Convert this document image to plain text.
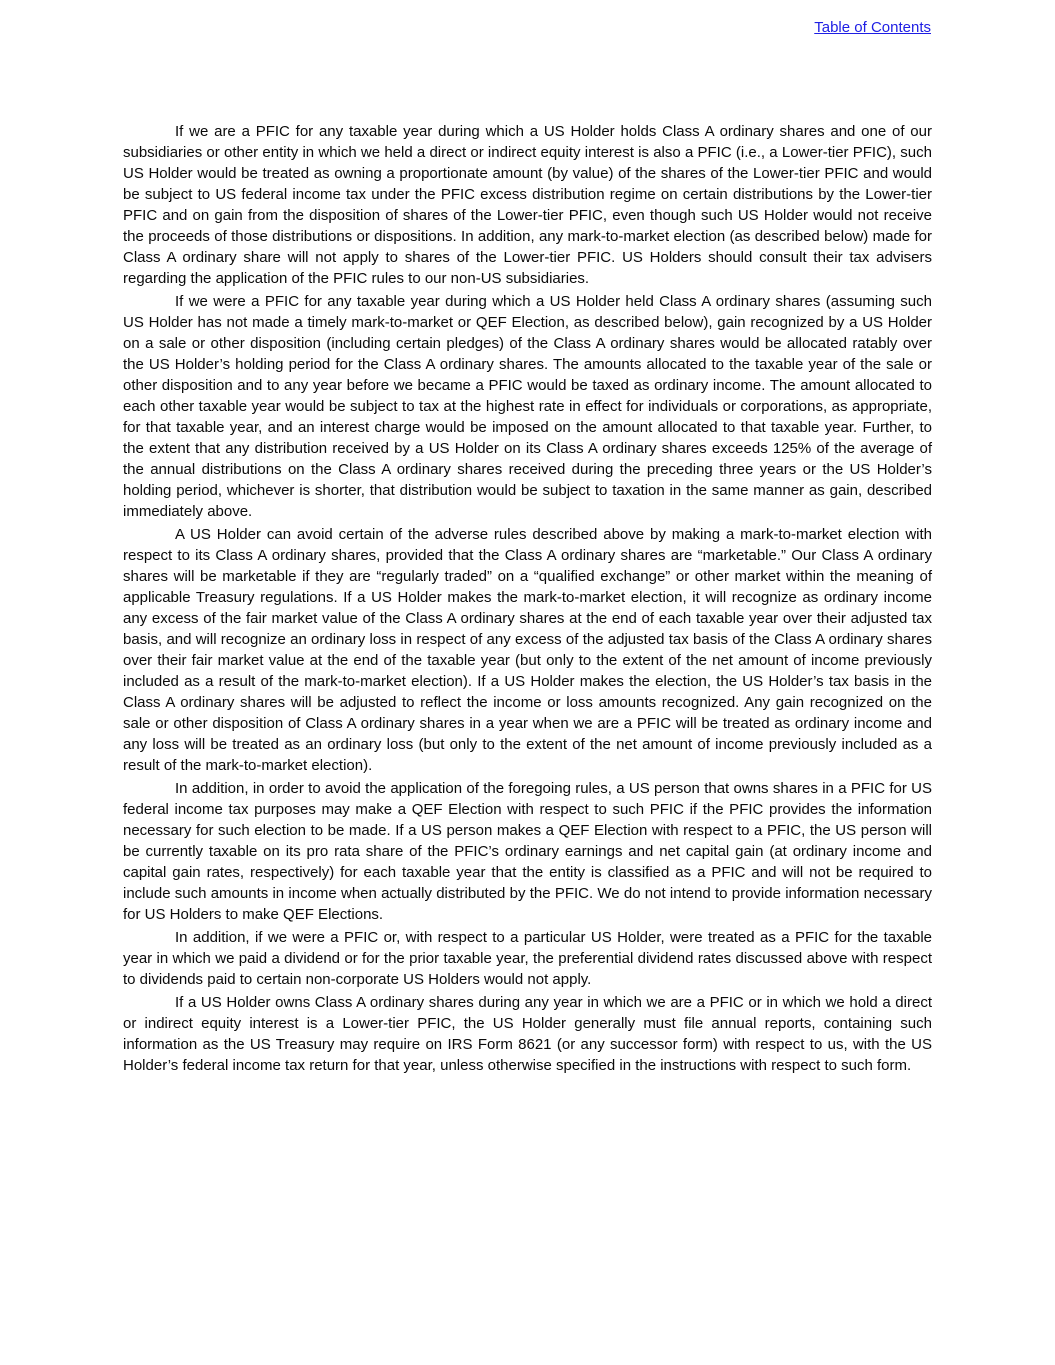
Table of Contents

If we are a PFIC for any taxable year during which a US Holder holds Class A ordinary shares and one of our subsidiaries or other entity in which we held a direct or indirect equity interest is also a PFIC (i.e., a Lower-tier PFIC), such US Holder would be treated as owning a proportionate amount (by value) of the shares of the Lower-tier PFIC and would be subject to US federal income tax under the PFIC excess distribution regime on certain distributions by the Lower-tier PFIC and on gain from the disposition of shares of the Lower-tier PFIC, even though such US Holder would not receive the proceeds of those distributions or dispositions. In addition, any mark-to-market election (as described below) made for Class A ordinary share will not apply to shares of the Lower-tier PFIC. US Holders should consult their tax advisers regarding the application of the PFIC rules to our non-US subsidiaries.

If we were a PFIC for any taxable year during which a US Holder held Class A ordinary shares (assuming such US Holder has not made a timely mark-to-market or QEF Election, as described below), gain recognized by a US Holder on a sale or other disposition (including certain pledges) of the Class A ordinary shares would be allocated ratably over the US Holder’s holding period for the Class A ordinary shares. The amounts allocated to the taxable year of the sale or other disposition and to any year before we became a PFIC would be taxed as ordinary income. The amount allocated to each other taxable year would be subject to tax at the highest rate in effect for individuals or corporations, as appropriate, for that taxable year, and an interest charge would be imposed on the amount allocated to that taxable year. Further, to the extent that any distribution received by a US Holder on its Class A ordinary shares exceeds 125% of the average of the annual distributions on the Class A ordinary shares received during the preceding three years or the US Holder’s holding period, whichever is shorter, that distribution would be subject to taxation in the same manner as gain, described immediately above.

A US Holder can avoid certain of the adverse rules described above by making a mark-to-market election with respect to its Class A ordinary shares, provided that the Class A ordinary shares are “marketable.” Our Class A ordinary shares will be marketable if they are “regularly traded” on a “qualified exchange” or other market within the meaning of applicable Treasury regulations. If a US Holder makes the mark-to-market election, it will recognize as ordinary income any excess of the fair market value of the Class A ordinary shares at the end of each taxable year over their adjusted tax basis, and will recognize an ordinary loss in respect of any excess of the adjusted tax basis of the Class A ordinary shares over their fair market value at the end of the taxable year (but only to the extent of the net amount of income previously included as a result of the mark-to-market election). If a US Holder makes the election, the US Holder’s tax basis in the Class A ordinary shares will be adjusted to reflect the income or loss amounts recognized. Any gain recognized on the sale or other disposition of Class A ordinary shares in a year when we are a PFIC will be treated as ordinary income and any loss will be treated as an ordinary loss (but only to the extent of the net amount of income previously included as a result of the mark-to-market election).

In addition, in order to avoid the application of the foregoing rules, a US person that owns shares in a PFIC for US federal income tax purposes may make a QEF Election with respect to such PFIC if the PFIC provides the information necessary for such election to be made. If a US person makes a QEF Election with respect to a PFIC, the US person will be currently taxable on its pro rata share of the PFIC’s ordinary earnings and net capital gain (at ordinary income and capital gain rates, respectively) for each taxable year that the entity is classified as a PFIC and will not be required to include such amounts in income when actually distributed by the PFIC. We do not intend to provide information necessary for US Holders to make QEF Elections.

In addition, if we were a PFIC or, with respect to a particular US Holder, were treated as a PFIC for the taxable year in which we paid a dividend or for the prior taxable year, the preferential dividend rates discussed above with respect to dividends paid to certain non-corporate US Holders would not apply.

If a US Holder owns Class A ordinary shares during any year in which we are a PFIC or in which we hold a direct or indirect equity interest is a Lower-tier PFIC, the US Holder generally must file annual reports, containing such information as the US Treasury may require on IRS Form 8621 (or any successor form) with respect to us, with the US Holder’s federal income tax return for that year, unless otherwise specified in the instructions with respect to such form.
